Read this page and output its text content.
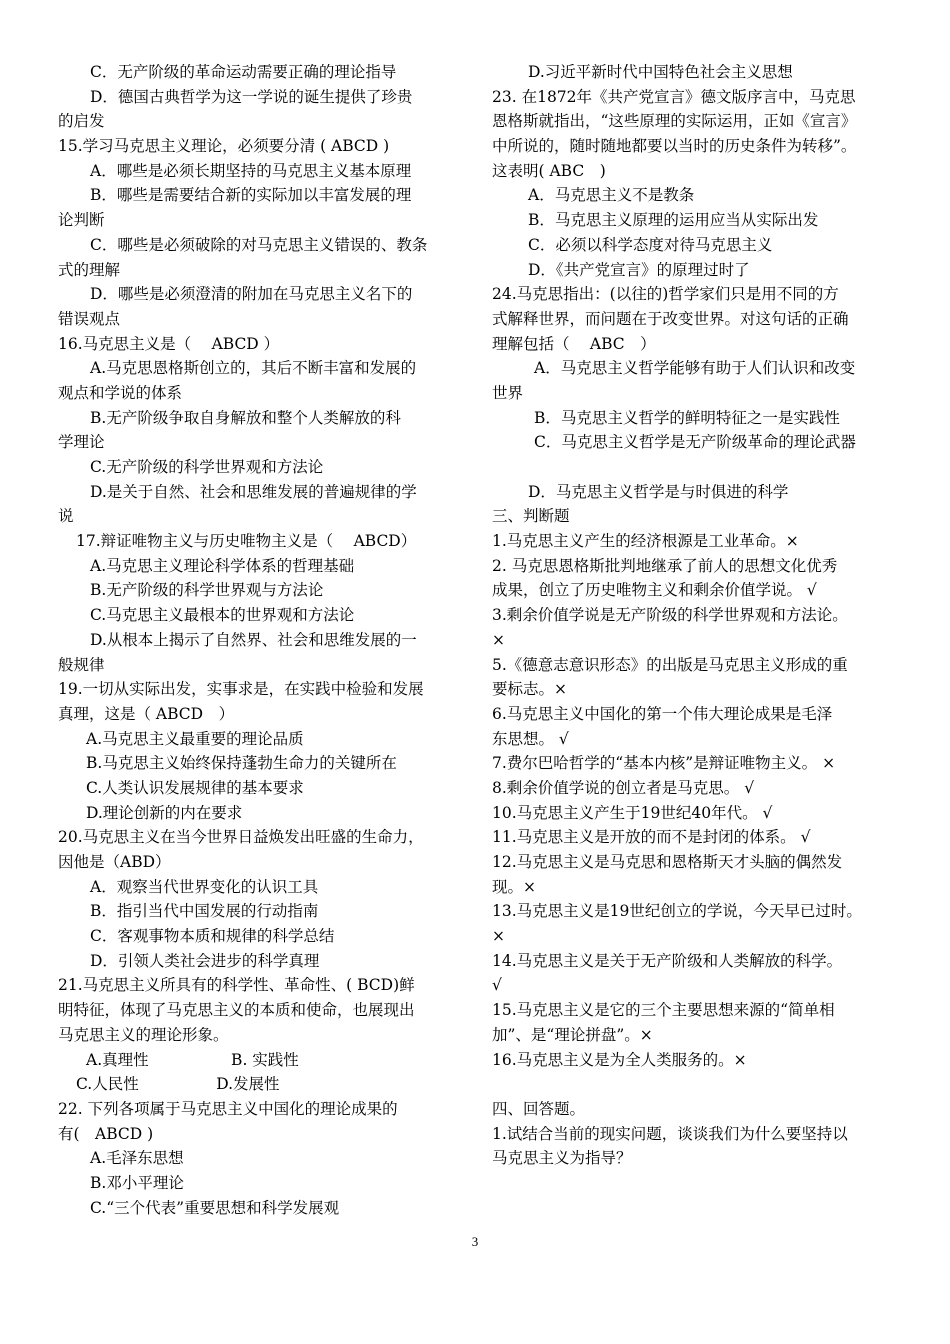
C．无产阶级的革命运动需要正确的理论指导
D．德国古典哲学为这一学说的诞生提供了珍贵
的启发
15.学习马克思主义理论，必须要分清 ( ABCD )
A．哪些是必须长期坚持的马克思主义基本原理
B．哪些是需要结合新的实际加以丰富发展的理
论判断
C．哪些是必须破除的对马克思主义错误的、教条
式的理解
D．哪些是必须澄清的附加在马克思主义名下的
错误观点
16.马克思主义是（　 ABCD ）
A.马克思恩格斯创立的，其后不断丰富和发展的
观点和学说的体系
B.无产阶级争取自身解放和整个人类解放的科
学理论
C.无产阶级的科学世界观和方法论
D.是关于自然、社会和思维发展的普遍规律的学
说
17.辩证唯物主义与历史唯物主义是（　 ABCD）
A.马克思主义理论科学体系的哲理基础
B.无产阶级的科学世界观与方法论
C.马克思主义最根本的世界观和方法论
D.从根本上揭示了自然界、社会和思维发展的一
般规律
19.一切从实际出发，实事求是，在实践中检验和发展
真理，这是（ ABCD　）
A.马克思主义最重要的理论品质
B.马克思主义始终保持蓬勃生命力的关键所在
C.人类认识发展规律的基本要求
D.理论创新的内在要求
20.马克思主义在当今世界日益焕发出旺盛的生命力，
因他是（ABD）
A．观察当代世界变化的认识工具
B．指引当代中国发展的行动指南
C．客观事物本质和规律的科学总结
D．引领人类社会进步的科学真理
21.马克思主义所具有的科学性、革命性、( BCD)鲜
明特征，体现了马克思主义的本质和使命，也展现出
马克思主义的理论形象。
A.真理性　　　　　 B. 实践性
C.人民性　　　　　D.发展性
22. 下列各项属于马克思主义中国化的理论成果的
有(　ABCD )
A.毛泽东思想
B.邓小平理论
C.“三个代表”重要思想和科学发展观
D.习近平新时代中国特色社会主义思想
23. 在1872年《共产党宣言》德文版序言中，马克思
恩格斯就指出，“这些原理的实际运用，正如《宣言》
中所说的，随时随地都要以当时的历史条件为转移”。
这表明( ABC　)
A．马克思主义不是教条
B．马克思主义原理的运用应当从实际出发
C．必须以科学态度对待马克思主义
D．《共产党宣言》的原理过时了
24.马克思指出：(以往的)哲学家们只是用不同的方
式解释世界，而问题在于改变世界。对这句话的正确
理解包括（　 ABC　）
A．马克思主义哲学能够有助于人们认识和改变
世界
B．马克思主义哲学的鲜明特征之一是实践性
C．马克思主义哲学是无产阶级革命的理论武器
D．马克思主义哲学是与时俱进的科学
三、判断题
1.马克思主义产生的经济根源是工业革命。×
2. 马克思恩格斯批判地继承了前人的思想文化优秀
成果，创立了历史唯物主义和剩余价值学说。 √
3.剩余价值学说是无产阶级的科学世界观和方法论。
×
5.《德意志意识形态》的出版是马克思主义形成的重
要标志。×
6.马克思主义中国化的第一个伟大理论成果是毛泽
东思想。 √
7.费尔巴哈哲学的“基本内核”是辩证唯物主义。 ×
8.剩余价值学说的创立者是马克思。 √
10.马克思主义产生于19世纪40年代。 √
11.马克思主义是开放的而不是封闭的体系。 √
12.马克思主义是马克思和恩格斯天才头脑的偶然发
现。×
13.马克思主义是19世纪创立的学说，今天早已过时。
×
14.马克思主义是关于无产阶级和人类解放的科学。
√
15.马克思主义是它的三个主要思想来源的“简单相
加”、是“理论拼盘”。×
16.马克思主义是为全人类服务的。×
四、回答题。
1.试结合当前的现实问题，谈谈我们为什么要坚持以
马克思主义为指导？
3
